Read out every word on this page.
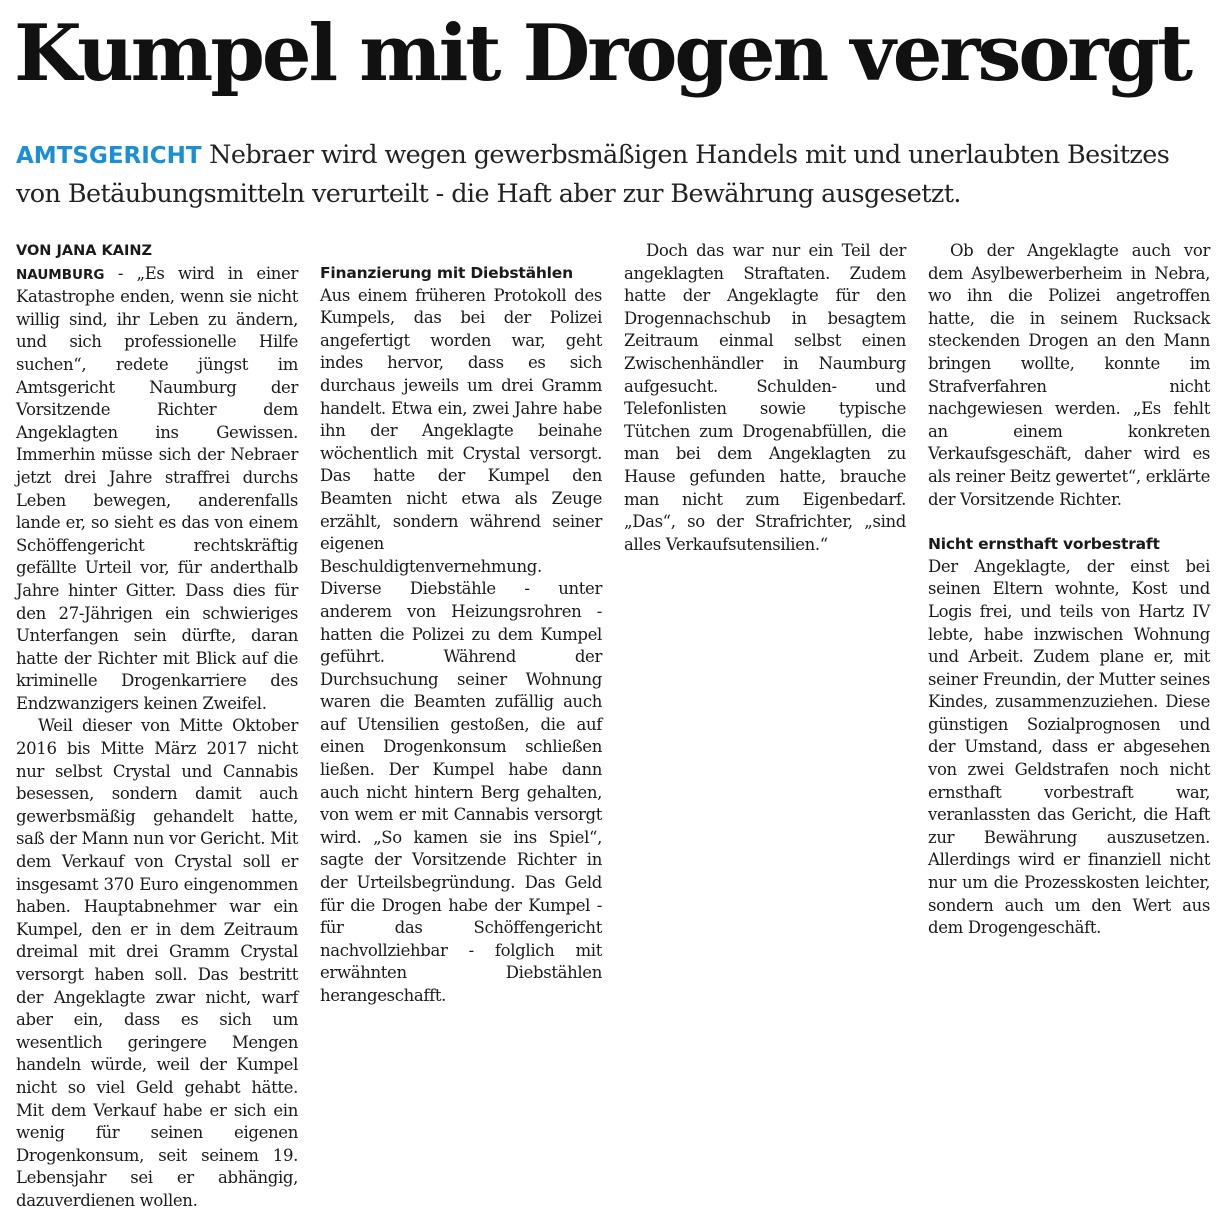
Kumpel mit Drogen versorgt

AMTSGERICHT Nebraer wird wegen gewerbsmäßigen Handels mit und unerlaubten Besitzes von Betäubungsmitteln verurteilt - die Haft aber zur Bewährung ausgesetzt.

VON JANA KAINZ

NAUMBURG - „Es wird in einer Katastrophe enden, wenn sie nicht willig sind, ihr Leben zu ändern, und sich professionelle Hilfe suchen“, redete jüngst im Amtsgericht Naumburg der Vorsitzende Richter dem Angeklagten ins Gewissen. Immerhin müsse sich der Nebraer jetzt drei Jahre straffrei durchs Leben bewegen, anderenfalls lande er, so sieht es das von einem Schöffengericht rechtskräftig gefällte Urteil vor, für anderthalb Jahre hinter Gitter. Dass dies für den 27-Jährigen ein schwieriges Unterfangen sein dürfte, daran hatte der Richter mit Blick auf die kriminelle Drogenkarriere des Endzwanzigers keinen Zweifel.

Weil dieser von Mitte Oktober 2016 bis Mitte März 2017 nicht nur selbst Crystal und Cannabis besessen, sondern damit auch gewerbsmäßig gehandelt hatte, saß der Mann nun vor Gericht. Mit dem Verkauf von Crystal soll er insgesamt 370 Euro eingenommen haben. Hauptabnehmer war ein Kumpel, den er in dem Zeitraum dreimal mit drei Gramm Crystal versorgt haben soll. Das bestritt der Angeklagte zwar nicht, warf aber ein, dass es sich um wesentlich geringere Mengen handeln würde, weil der Kumpel nicht so viel Geld gehabt hätte. Mit dem Verkauf habe er sich ein wenig für seinen eigenen Drogenkonsum, seit seinem 19. Lebensjahr sei er abhängig, dazuverdienen wollen.

Finanzierung mit Diebstählen

Aus einem früheren Protokoll des Kumpels, das bei der Polizei angefertigt worden war, geht indes hervor, dass es sich durchaus jeweils um drei Gramm handelt. Etwa ein, zwei Jahre habe ihn der Angeklagte beinahe wöchentlich mit Crystal versorgt. Das hatte der Kumpel den Beamten nicht etwa als Zeuge erzählt, sondern während seiner eigenen Beschuldigtenvernehmung. Diverse Diebstähle - unter anderem von Heizungsrohren - hatten die Polizei zu dem Kumpel geführt. Während der Durchsuchung seiner Wohnung waren die Beamten zufällig auch auf Utensilien gestoßen, die auf einen Drogenkonsum schließen ließen. Der Kumpel habe dann auch nicht hintern Berg gehalten, von wem er mit Cannabis versorgt wird. „So kamen sie ins Spiel“, sagte der Vorsitzende Richter in der Urteilsbegründung. Das Geld für die Drogen habe der Kumpel - für das Schöffengericht nachvollziehbar - folglich mit erwähnten Diebstählen herangeschafft.

Doch das war nur ein Teil der angeklagten Straftaten. Zudem hatte der Angeklagte für den Drogennachschub in besagtem Zeitraum einmal selbst einen Zwischenhändler in Naumburg aufgesucht. Schulden- und Telefonlisten sowie typische Tütchen zum Drogenabfüllen, die man bei dem Angeklagten zu Hause gefunden hatte, brauche man nicht zum Eigenbedarf. „Das“, so der Strafrichter, „sind alles Verkaufsutensilien.“

Ob der Angeklagte auch vor dem Asylbewerberheim in Nebra, wo ihn die Polizei angetroffen hatte, die in seinem Rucksack steckenden Drogen an den Mann bringen wollte, konnte im Strafverfahren nicht nachgewiesen werden. „Es fehlt an einem konkreten Verkaufsgeschäft, daher wird es als reiner Beitz gewertet“, erklärte der Vorsitzende Richter.

Nicht ernsthaft vorbestraft

Der Angeklagte, der einst bei seinen Eltern wohnte, Kost und Logis frei, und teils von Hartz IV lebte, habe inzwischen Wohnung und Arbeit. Zudem plane er, mit seiner Freundin, der Mutter seines Kindes, zusammenzuziehen. Diese günstigen Sozialprognosen und der Umstand, dass er abgesehen von zwei Geldstrafen noch nicht ernsthaft vorbestraft war, veranlassten das Gericht, die Haft zur Bewährung auszusetzen. Allerdings wird er finanziell nicht nur um die Prozesskosten leichter, sondern auch um den Wert aus dem Drogengeschäft.
